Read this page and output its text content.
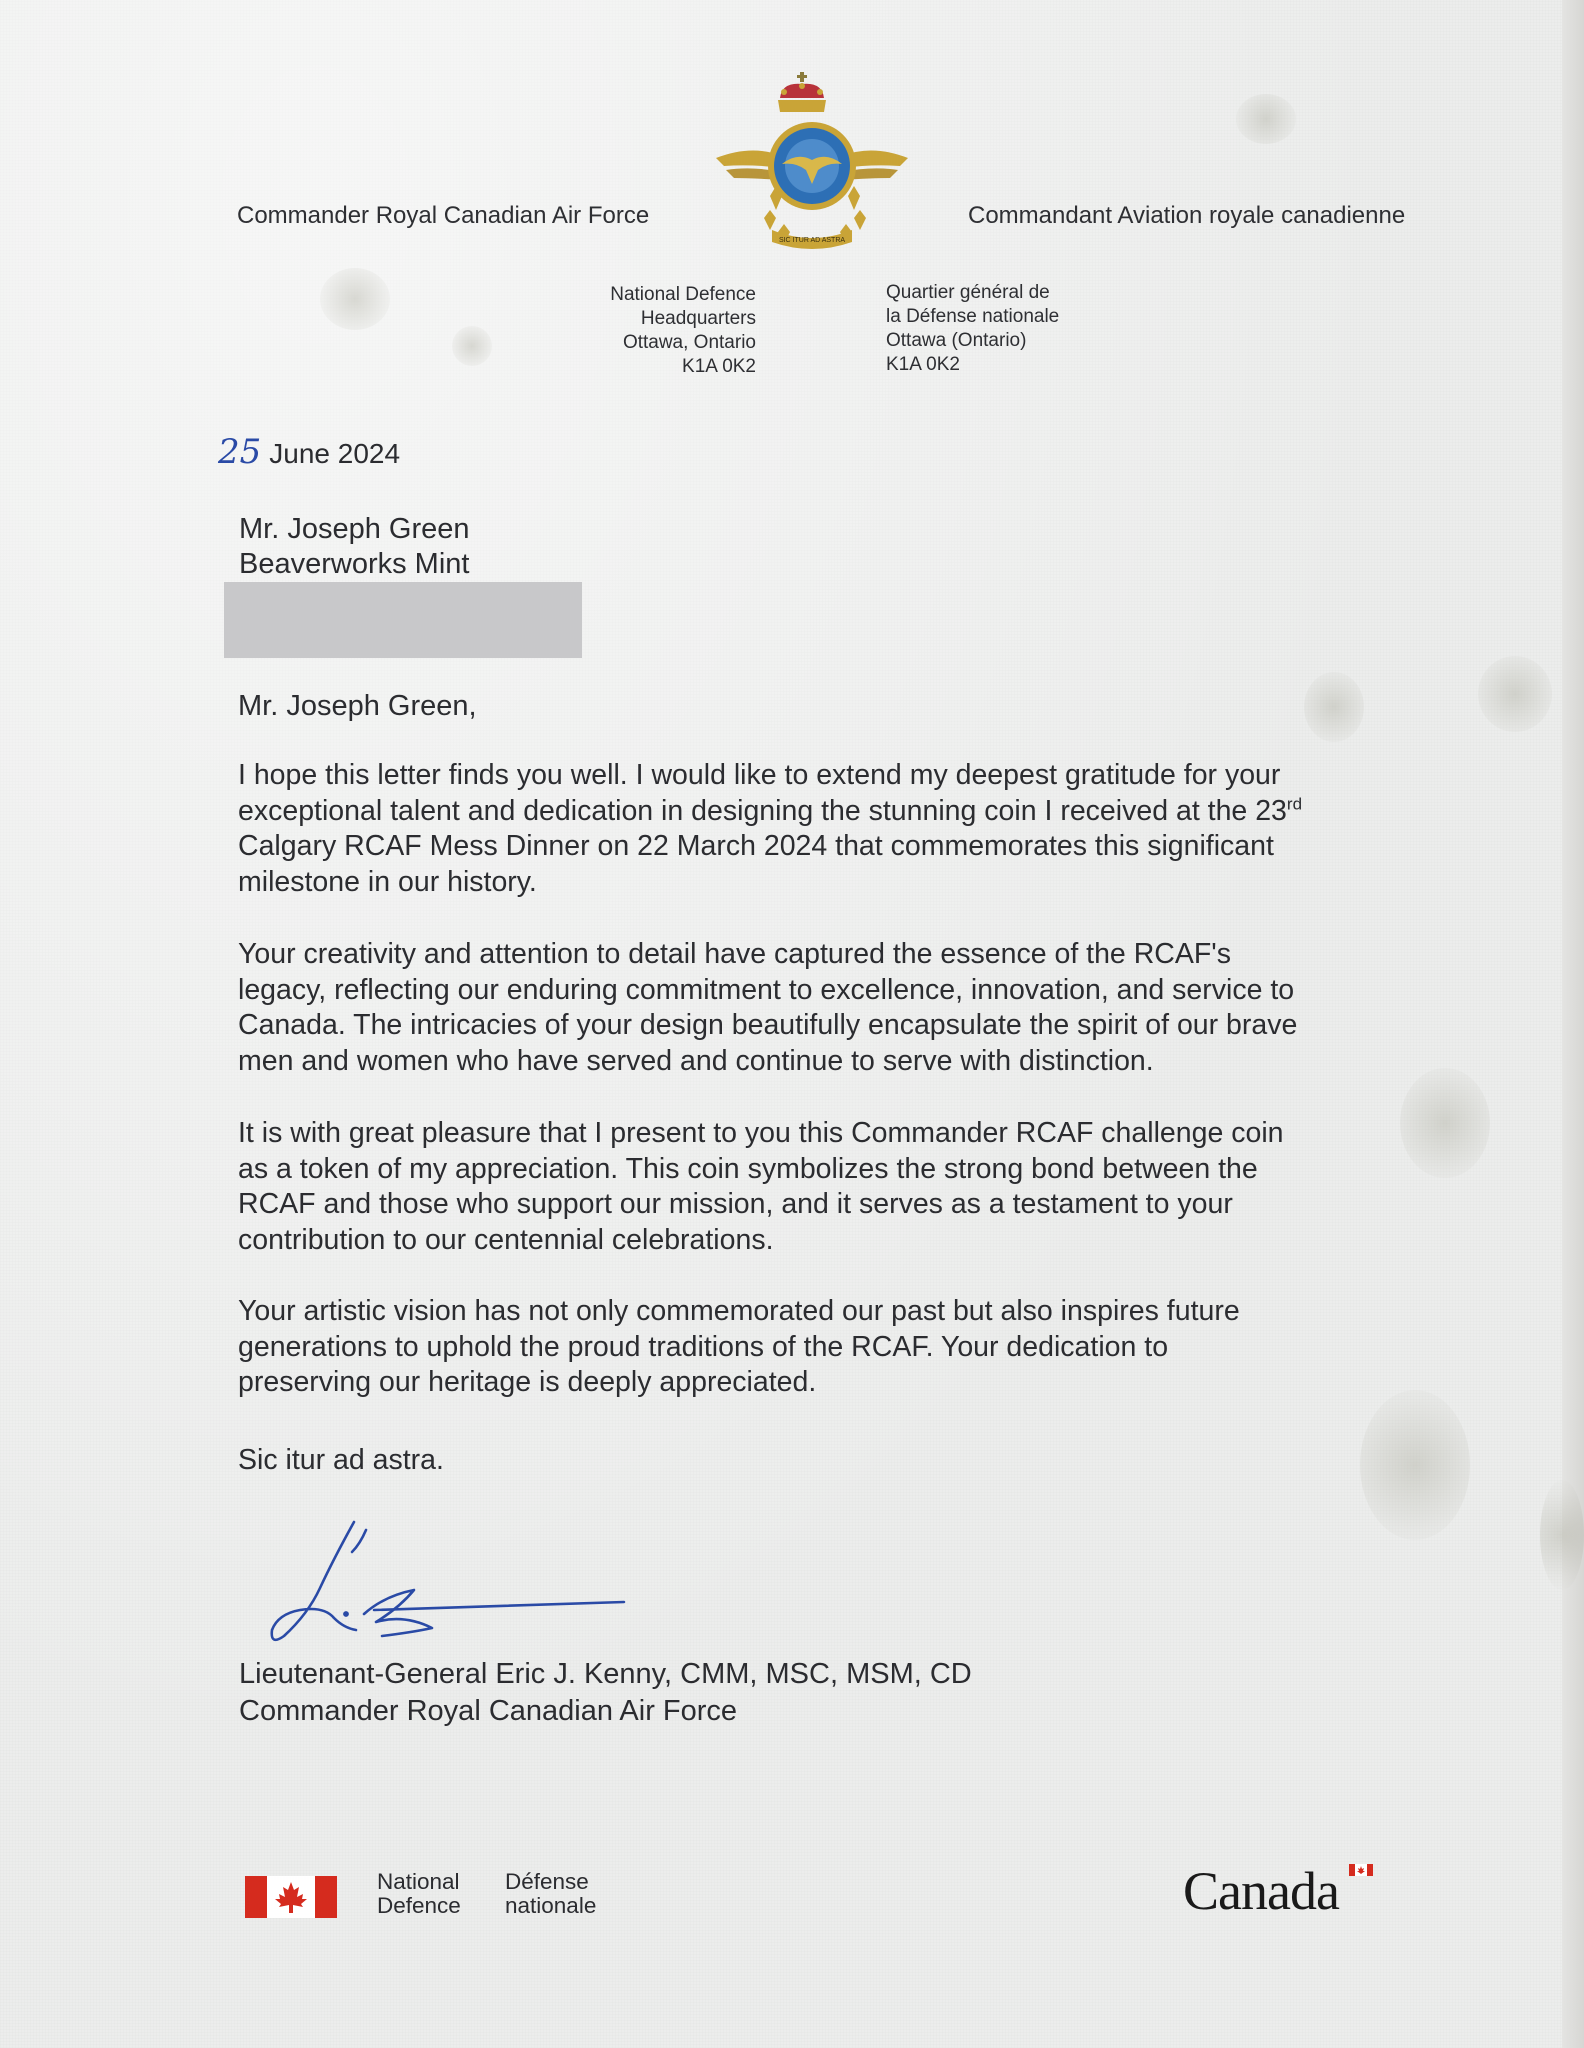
Commander Royal Canadian Air Force	Commandant Aviation royale canadienne
SIC ITUR AD ASTRA
National Defence
Headquarters
Ottawa, Ontario
K1A 0K2
Quartier général de
la Défense nationale
Ottawa (Ontario)
K1A 0K2
25 June 2024
Mr. Joseph Green
Beaverworks Mint
Mr. Joseph Green,
I hope this letter finds you well. I would like to extend my deepest gratitude for your
exceptional talent and dedication in designing the stunning coin I received at the 23rd
Calgary RCAF Mess Dinner on 22 March 2024 that commemorates this significant
milestone in our history.
Your creativity and attention to detail have captured the essence of the RCAF's
legacy, reflecting our enduring commitment to excellence, innovation, and service to
Canada. The intricacies of your design beautifully encapsulate the spirit of our brave
men and women who have served and continue to serve with distinction.
It is with great pleasure that I present to you this Commander RCAF challenge coin
as a token of my appreciation. This coin symbolizes the strong bond between the
RCAF and those who support our mission, and it serves as a testament to your
contribution to our centennial celebrations.
Your artistic vision has not only commemorated our past but also inspires future
generations to uphold the proud traditions of the RCAF. Your dedication to
preserving our heritage is deeply appreciated.
Sic itur ad astra.
Lieutenant-General Eric J. Kenny, CMM, MSC, MSM, CD
Commander Royal Canadian Air Force
National
Defence
Défense
nationale	Canada
